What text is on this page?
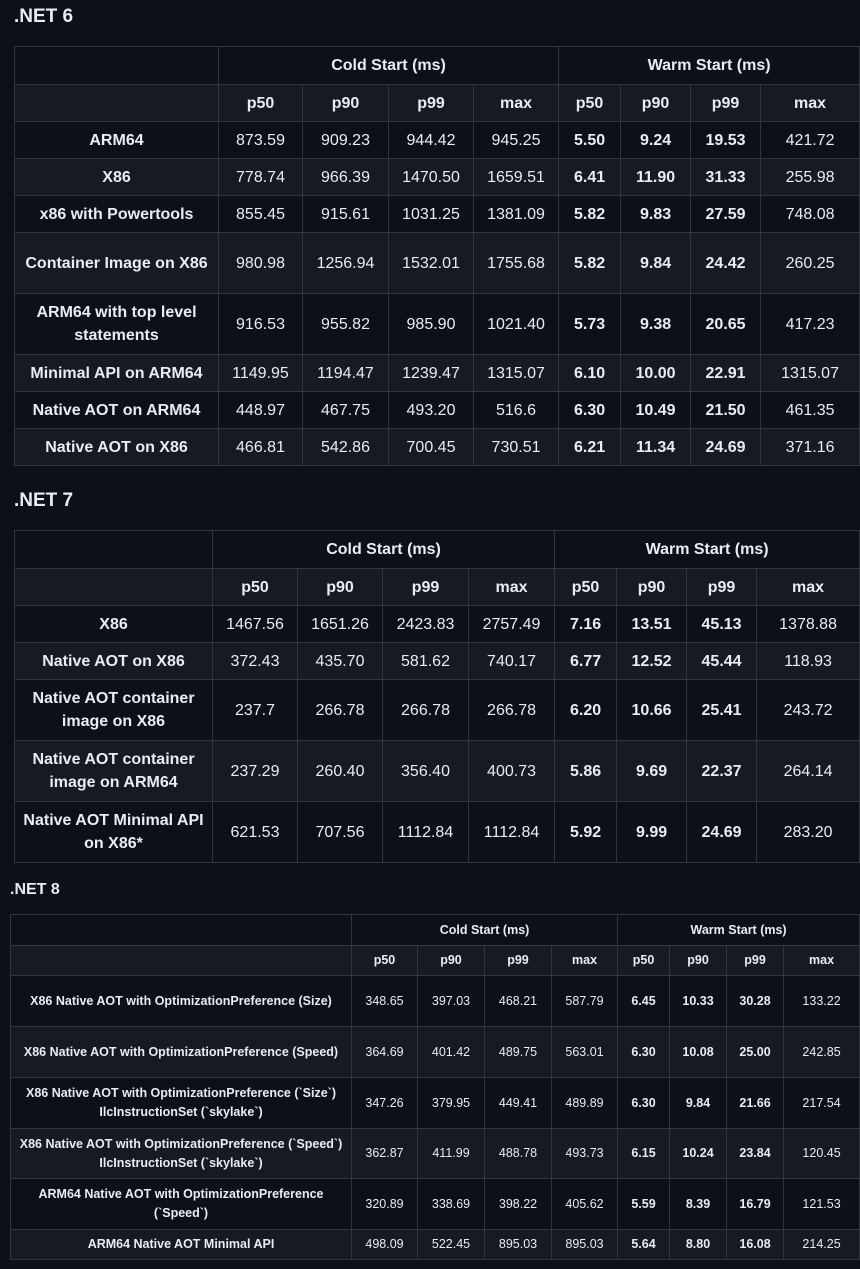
.NET 6
	Cold Start (ms)				Warm Start (ms)			
	p50	p90	p99	max	p50	p90	p99	max
ARM64	873.59	909.23	944.42	945.25	5.50	9.24	19.53	421.72
X86	778.74	966.39	1470.50	1659.51	6.41	11.90	31.33	255.98
x86 with Powertools	855.45	915.61	1031.25	1381.09	5.82	9.83	27.59	748.08
Container Image on X86	980.98	1256.94	1532.01	1755.68	5.82	9.84	24.42	260.25
ARM64 with top level statements	916.53	955.82	985.90	1021.40	5.73	9.38	20.65	417.23
Minimal API on ARM64	1149.95	1194.47	1239.47	1315.07	6.10	10.00	22.91	1315.07
Native AOT on ARM64	448.97	467.75	493.20	516.6	6.30	10.49	21.50	461.35
Native AOT on X86	466.81	542.86	700.45	730.51	6.21	11.34	24.69	371.16
.NET 7
	Cold Start (ms)				Warm Start (ms)			
	p50	p90	p99	max	p50	p90	p99	max
X86	1467.56	1651.26	2423.83	2757.49	7.16	13.51	45.13	1378.88
Native AOT on X86	372.43	435.70	581.62	740.17	6.77	12.52	45.44	118.93
Native AOT container image on X86	237.7	266.78	266.78	266.78	6.20	10.66	25.41	243.72
Native AOT container image on ARM64	237.29	260.40	356.40	400.73	5.86	9.69	22.37	264.14
Native AOT Minimal API on X86*	621.53	707.56	1112.84	1112.84	5.92	9.99	24.69	283.20
.NET 8
	Cold Start (ms)				Warm Start (ms)			
	p50	p90	p99	max	p50	p90	p99	max
X86 Native AOT with OptimizationPreference (Size)	348.65	397.03	468.21	587.79	6.45	10.33	30.28	133.22
X86 Native AOT with OptimizationPreference (Speed)	364.69	401.42	489.75	563.01	6.30	10.08	25.00	242.85
X86 Native AOT with OptimizationPreference (`Size`) IlcInstructionSet (`skylake`)	347.26	379.95	449.41	489.89	6.30	9.84	21.66	217.54
X86 Native AOT with OptimizationPreference (`Speed`) IlcInstructionSet (`skylake`)	362.87	411.99	488.78	493.73	6.15	10.24	23.84	120.45
ARM64 Native AOT with OptimizationPreference (`Speed`)	320.89	338.69	398.22	405.62	5.59	8.39	16.79	121.53
ARM64 Native AOT Minimal API	498.09	522.45	895.03	895.03	5.64	8.80	16.08	214.25
